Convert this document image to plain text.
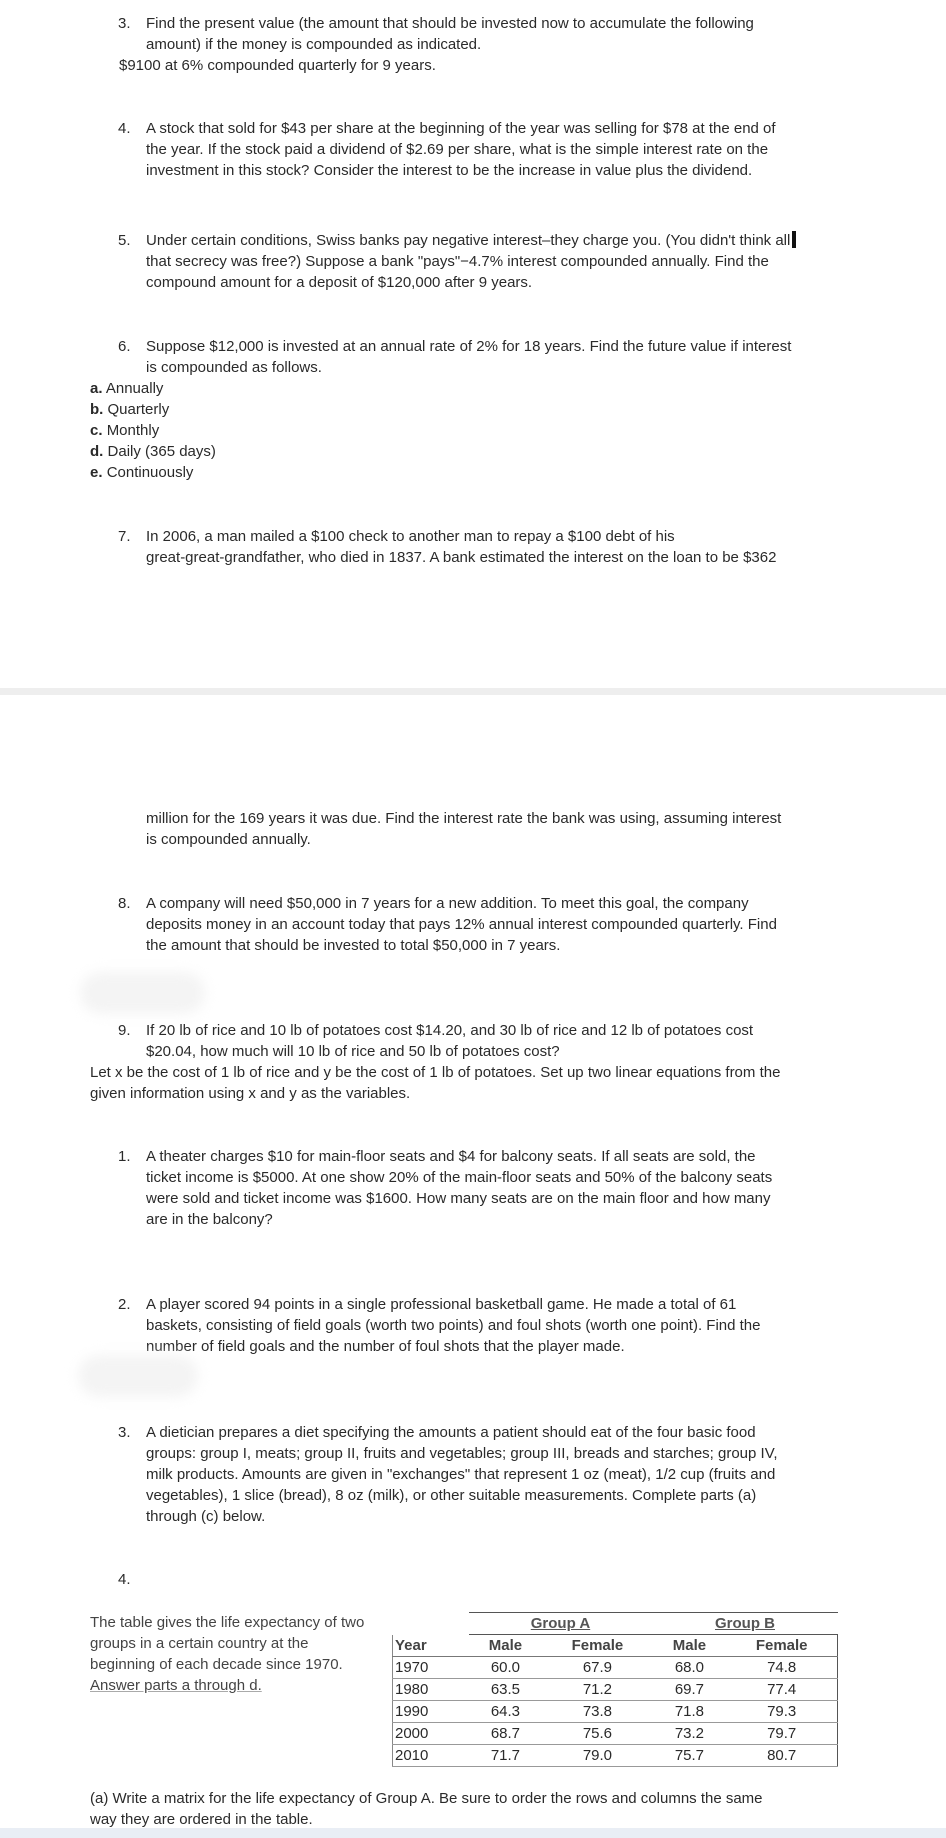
3.	Find the present value (the amount that should be invested now to accumulate the following
amount) if the money is compounded as indicated.
$9100 at 6% compounded quarterly for 9 years.
4.	A stock that sold for $43 per share at the beginning of the year was selling for $78 at the end of
the year. If the stock paid a dividend of $2.69 per share, what is the simple interest rate on the
investment in this stock? Consider the interest to be the increase in value plus the dividend.
5.	Under certain conditions, Swiss banks pay negative interest–they charge you. (You didn't think all
that secrecy was free?) Suppose a bank "pays"−4.7% interest compounded annually. Find the
compound amount for a deposit of $120,000 after 9 years.
6.	Suppose $12,000 is invested at an annual rate of 2% for 18 years. Find the future value if interest
is compounded as follows.
a. Annually
b. Quarterly
c. Monthly
d. Daily (365 days)
e. Continuously
7.	In 2006, a man mailed a $100 check to another man to repay a $100 debt of his
great-great-grandfather, who died in 1837. A bank estimated the interest on the loan to be $362
million for the 169 years it was due. Find the interest rate the bank was using, assuming interest
is compounded annually.
8.	A company will need $50,000 in 7 years for a new addition. To meet this goal, the company
deposits money in an account today that pays 12% annual interest compounded quarterly. Find
the amount that should be invested to total $50,000 in 7 years.
9.	If 20 lb of rice and 10 lb of potatoes cost $14.20, and 30 lb of rice and 12 lb of potatoes cost
$20.04, how much will 10 lb of rice and 50 lb of potatoes cost?
Let x be the cost of 1 lb of rice and y be the cost of 1 lb of potatoes. Set up two linear equations from the
given information using x and y as the variables.
1.	A theater charges $10 for main-floor seats and $4 for balcony seats. If all seats are sold, the
ticket income is $5000. At one show 20% of the main-floor seats and 50% of the balcony seats
were sold and ticket income was $1600. How many seats are on the main floor and how many
are in the balcony?
2.	A player scored 94 points in a single professional basketball game. He made a total of 61
baskets, consisting of field goals (worth two points) and foul shots (worth one point). Find the
number of field goals and the number of foul shots that the player made.
3.	A dietician prepares a diet specifying the amounts a patient should eat of the four basic food
groups: group I, meats; group II, fruits and vegetables; group III, breads and starches; group IV,
milk products. Amounts are given in "exchanges" that represent 1 oz (meat), 1/2 cup (fruits and
vegetables), 1 slice (bread), 8 oz (milk), or other suitable measurements. Complete parts (a)
through (c) below.
4.
The table gives the life expectancy of two
groups in a certain country at the
beginning of each decade since 1970.
Answer parts a through d.
	Group A		Group B	
Year	Male	Female	Male	Female
1970	60.0	67.9	68.0	74.8
1980	63.5	71.2	69.7	77.4
1990	64.3	73.8	71.8	79.3
2000	68.7	75.6	73.2	79.7
2010	71.7	79.0	75.7	80.7
(a) Write a matrix for the life expectancy of Group A. Be sure to order the rows and columns the same
way they are ordered in the table.
